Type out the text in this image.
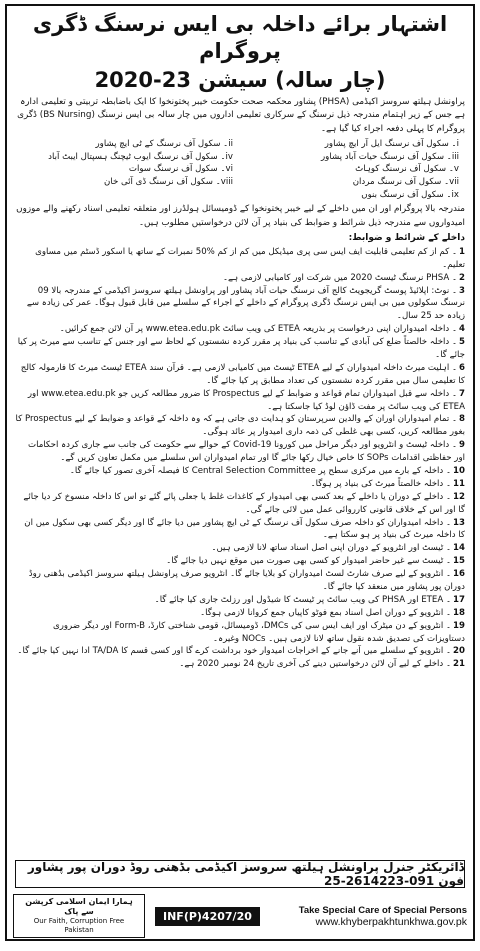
اشتہار برائے داخلہ بی ایس نرسنگ ڈگری پروگرام
(چار سالہ) سیشن 23-2020

پراونشل ہیلتھ سروسز اکیڈمی (PHSA) پشاور محکمہ صحت حکومت خیبر پختونخوا کا ایک باضابطہ تربیتی و تعلیمی ادارہ ہے جس کے زیر اہتمام مندرجہ ذیل نرسنگ کے سرکاری تعلیمی اداروں میں چار سالہ بی ایس نرسنگ (BS Nursing) ڈگری پروگرام کا پہلی دفعہ اجراء کیا گیا ہے۔

i۔ سکول آف نرسنگ ایل آر ایچ پشاور
ii۔ سکول آف نرسنگ کے ٹی ایچ پشاور
iii۔ سکول آف نرسنگ حیات آباد پشاور
iv۔ سکول آف نرسنگ ایوب ٹیچنگ ہسپتال ایبٹ آباد
v۔ سکول آف نرسنگ کوہاٹ
vi۔ سکول آف نرسنگ سوات
vii۔ سکول آف نرسنگ مردان
viii۔ سکول آف نرسنگ ڈی آئی خان
ix۔ سکول آف نرسنگ بنوں

مندرجہ بالا پروگرام اور ان میں داخلے کے لیے خیبر پختونخوا کے ڈومیسائل ہولڈرز اور متعلقہ تعلیمی اسناد رکھنے والے موزوں امیدواروں سے مندرجہ ذیل شرائط و ضوابط کی بنیاد پر آن لائن درخواستیں مطلوب ہیں۔

داخلے کے شرائط و ضوابط:
1۔ کم از کم تعلیمی قابلیت ایف ایس سی پری میڈیکل میں کم از کم %50 نمبرات کے ساتھ یا اسکور ڈسٹم میں مساوی تعلیم۔
2۔ PHSA نرسنگ ٹیسٹ 2020 میں شرکت اور کامیابی لازمی ہے۔
3۔ نوٹ: اپلائیڈ پوسٹ گریجویٹ کالج آف نرسنگ حیات آباد پشاور اور پراونشل ہیلتھ سروسز اکیڈمی کے مندرجہ بالا 09 نرسنگ سکولوں میں بی ایس نرسنگ ڈگری پروگرام کے داخلے کے اجراء کے سلسلے میں قابل قبول ہوگا۔ عمر کی زیادہ سے زیادہ حد 25 سال۔
4۔ داخلہ امیدواران اپنی درخواست پر بذریعہ ETEA کی ویب سائٹ www.etea.edu.pk پر آن لائن جمع کرائیں۔
5۔ داخلہ خالصتاً ضلع کی آبادی کے تناسب کی بنیاد پر مقرر کردہ نشستوں کے لحاظ سے اور جنس کے تناسب سے میرٹ پر کیا جائے گا۔
6۔ اہلیت میرٹ داخلہ امیدواران کے لیے ETEA ٹیسٹ میں کامیابی لازمی ہے۔ قرآن سند ETEA ٹیسٹ میرٹ کا فارمولہ کالج کا تعلیمی سال میں مقرر کردہ نشستوں کی تعداد مطابق پر کیا جائے گا۔
7۔ داخلہ سے قبل امیدواران تمام قواعد و ضوابط کے لیے Prospectus کا ضرور مطالعہ کریں جو www.etea.edu.pk اور ETEA کی ویب سائٹ پر مفت ڈاؤن لوڈ کیا جاسکتا ہے۔
8۔ تمام امیدواران اوران کے والدین سرپرستان کو ہدایت دی جاتی ہے کہ وہ داخلہ کے قواعد و ضوابط کے لیے Prospectus کا بغور مطالعہ کریں، کسی بھی غلطی کی ذمہ داری امیدوار پر عائد ہوگی۔
9۔ داخلہ ٹیسٹ و انٹرویو اور دیگر مراحل میں کورونا 19-Covid کے حوالے سے حکومت کی جانب سے جاری کردہ احکامات اور حفاظتی اقدامات SOPs کا خاص خیال رکھا جائے گا اور تمام امیدواران اس سلسلے میں مکمل تعاون کریں گے۔
10۔ داخلہ کے بارے میں مرکزی سطح پر Central Selection Committee کا فیصلہ آخری تصور کیا جائے گا۔
11۔ داخلہ خالصتاً میرٹ کی بنیاد پر ہوگا۔
12۔ داخلے کے دوران یا داخلے کے بعد کسی بھی امیدوار کے کاغذات غلط یا جعلی پائے گئے تو اس کا داخلہ منسوخ کر دیا جائے گا اور اس کے خلاف قانونی کارروائی عمل میں لائی جائے گی۔
13۔ داخلہ امیدواران کو داخلہ صرف سکول آف نرسنگ کے ٹی ایچ پشاور میں دیا جائے گا اور دیگر کسی بھی سکول میں ان کا داخلہ میرٹ کی بنیاد پر ہو سکتا ہے۔
14۔ ٹیسٹ اور انٹرویو کے دوران اپنی اصل اسناد ساتھ لانا لازمی ہیں۔
15۔ ٹیسٹ سے غیر حاضر امیدوار کو کسی بھی صورت میں موقع نہیں دیا جائے گا۔
16۔ انٹرویو کے لیے صرف شارٹ لسٹ امیدواران کو بلایا جائے گا۔ انٹرویو صرف پراونشل ہیلتھ سروسز اکیڈمی بڈھنی روڈ دوران پور پشاور میں منعقد کیا جائے گا۔
17۔ ETEA اور PHSA کی ویب سائٹ پر ٹیسٹ کا شیڈول اور رزلٹ جاری کیا جائے گا۔
18۔ انٹرویو کے دوران اصل اسناد بمع فوٹو کاپیاں جمع کروانا لازمی ہوگا۔
19۔ انٹرویو کے دن میٹرک اور ایف ایس سی کی DMCs، ڈومیسائل، قومی شناختی کارڈ، Form-B اور دیگر ضروری دستاویزات کی تصدیق شدہ نقول ساتھ لانا لازمی ہیں۔ NOCs وغیرہ۔
20۔ انٹرویو کے سلسلے میں آنے جانے کے اخراجات امیدوار خود برداشت کرے گا اور کسی قسم کا TA/DA ادا نہیں کیا جائے گا۔
21۔ داخلے کے لیے آن لائن درخواستیں دینے کی آخری تاریخ 24 نومبر 2020 ہے۔
ڈائریکٹر جنرل پراونشل ہیلتھ سروسز اکیڈمی بڈھنی روڈ دوران پور پشاور فون 091-2614223-25
ہمارا ایمان اسلامی کرپشن سے پاک
Our Faith, Corruption Free Pakistan
INF(P)4207/20	Take Special Care of Special Persons
www.khyberpakhtunkhwa.gov.pk
